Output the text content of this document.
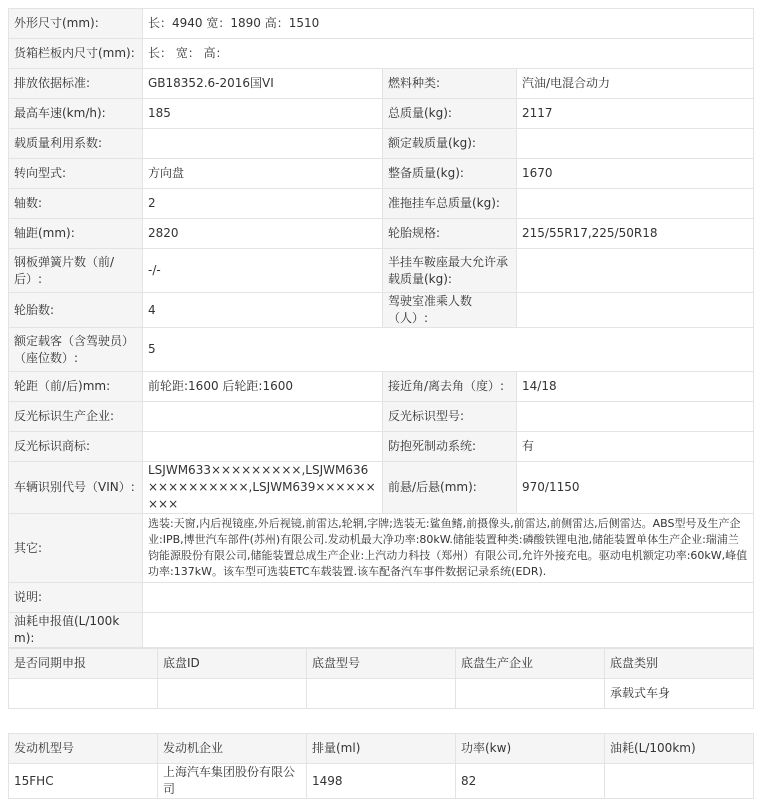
外形尺寸(mm):	长：4940 宽：1890 高：1510		
货箱栏板内尺寸(mm):	长： 宽： 高：		
排放依据标准:	GB18352.6-2016国VI	燃料种类:	汽油/电混合动力
最高车速(km/h):	185	总质量(kg):	2117
载质量利用系数:		额定载质量(kg):	
转向型式:	方向盘	整备质量(kg):	1670
轴数:	2	准拖挂车总质量(kg):	
轴距(mm):	2820	轮胎规格:	215/55R17,225/50R18
钢板弹簧片数（前/后）:	-/-	半挂车鞍座最大允许承载质量(kg):	
轮胎数:	4	驾驶室准乘人数（人）:	
额定载客（含驾驶员）（座位数）:	5		
轮距（前/后)mm:	前轮距:1600 后轮距:1600	接近角/离去角（度）:	14/18
反光标识生产企业:		反光标识型号:	
反光标识商标:		防抱死制动系统:	有
车辆识别代号（VIN）:	LSJWM633×××××××××,LSJWM636××××××××××,LSJWM639×××××××××	前悬/后悬(mm):	970/1150
其它:	选装:天窗,内后视镜座,外后视镜,前雷达,轮辋,字牌;选装无:鲨鱼鳍,前摄像头,前雷达,前侧雷达,后侧雷达。ABS型号及生产企业:IPB,博世汽车部件(苏州)有限公司.发动机最大净功率:80kW.储能装置种类:磷酸铁锂电池,储能装置单体生产企业:瑞浦兰钧能源股份有限公司,储能装置总成生产企业:上汽动力科技（郑州）有限公司,允许外接充电。驱动电机额定功率:60kW,峰值功率:137kW。该车型可选装ETC车载装置.该车配备汽车事件数据记录系统(EDR).		
说明:			
油耗申报值(L/100km):			
是否同期申报	底盘ID	底盘型号	底盘生产企业	底盘类别
				承载式车身
发动机型号	发动机企业	排量(ml)	功率(kw)	油耗(L/100km)
15FHC	上海汽车集团股份有限公司	1498	82	
